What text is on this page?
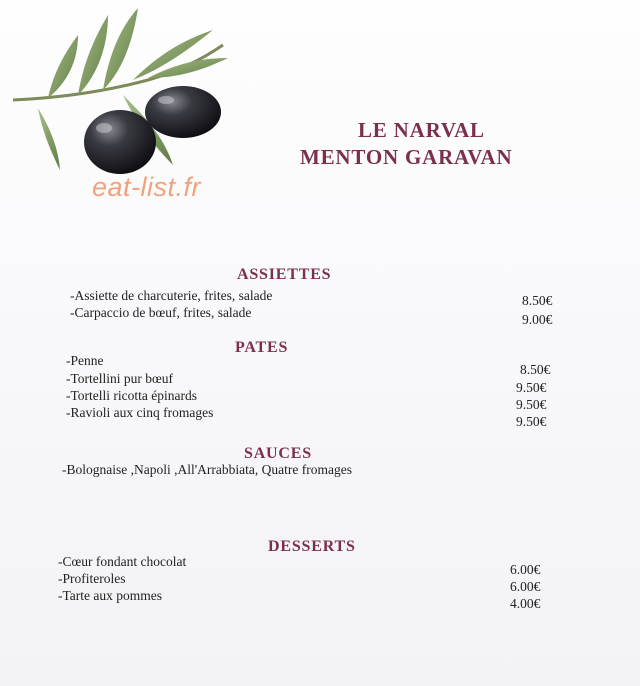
eat-list.fr
LE NARVAL
MENTON GARAVAN
ASSIETTES
-Assiette de charcuterie, frites, salade
-Carpaccio de bœuf, frites, salade
8.50€
9.00€
PATES
-Penne
-Tortellini pur bœuf
-Tortelli ricotta épinards
-Ravioli aux cinq fromages
8.50€
9.50€
9.50€
9.50€
SAUCES
-Bolognaise ,Napoli ,All'Arrabbiata, Quatre fromages
DESSERTS
-Cœur fondant chocolat
-Profiteroles
-Tarte aux pommes
6.00€
6.00€
4.00€
